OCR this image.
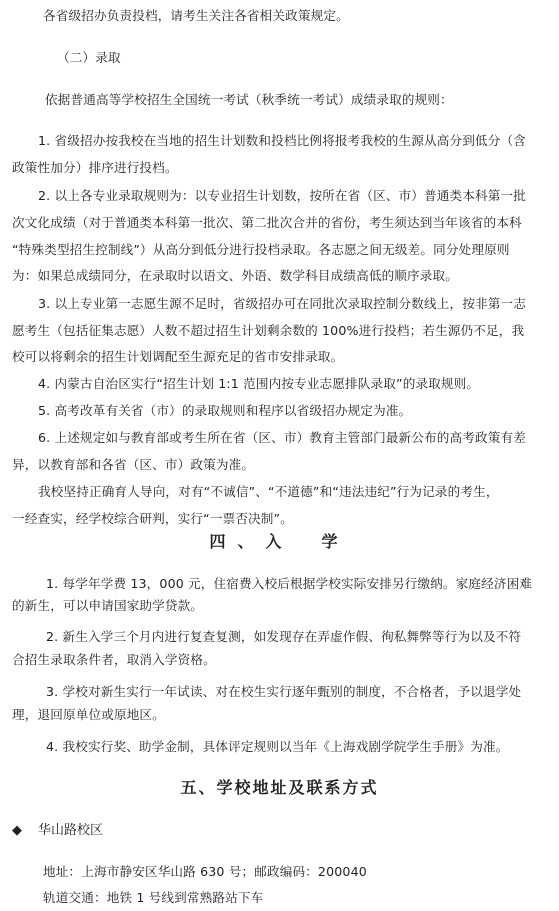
各省级招办负责投档，请考生关注各省相关政策规定。
（二）录取
依据普通高等学校招生全国统一考试（秋季统一考试）成绩录取的规则：
1. 省级招办按我校在当地的招生计划数和投档比例将报考我校的生源从高分到低分（含
政策性加分）排序进行投档。
2. 以上各专业录取规则为：以专业招生计划数，按所在省（区、市）普通类本科第一批
次文化成绩（对于普通类本科第一批次、第二批次合并的省份，考生须达到当年该省的本科
“特殊类型招生控制线”）从高分到低分进行投档录取。各志愿之间无级差。同分处理原则
为：如果总成绩同分，在录取时以语文、外语、数学科目成绩高低的顺序录取。
3. 以上专业第一志愿生源不足时，省级招办可在同批次录取控制分数线上，按非第一志
愿考生（包括征集志愿）人数不超过招生计划剩余数的 100%进行投档；若生源仍不足，我
校可以将剩余的招生计划调配至生源充足的省市安排录取。
4. 内蒙古自治区实行“招生计划 1:1 范围内按专业志愿排队录取”的录取规则。
5. 高考改革有关省（市）的录取规则和程序以省级招办规定为准。
6. 上述规定如与教育部或考生所在省（区、市）教育主管部门最新公布的高考政策有差
异，以教育部和各省（区、市）政策为准。
我校坚持正确育人导向，对有“不诚信”、“不道德”和“违法违纪”行为记录的考生，
一经查实，经学校综合研判，实行“一票否决制”。
四、入　学
1. 每学年学费 13，000 元，住宿费入校后根据学校实际安排另行缴纳。家庭经济困难
的新生，可以申请国家助学贷款。
2. 新生入学三个月内进行复查复测，如发现存在弄虚作假、徇私舞弊等行为以及不符
合招生录取条件者，取消入学资格。
3. 学校对新生实行一年试读、对在校生实行逐年甄别的制度，不合格者，予以退学处
理，退回原单位或原地区。
4. 我校实行奖、助学金制，具体评定规则以当年《上海戏剧学院学生手册》为准。
五、学校地址及联系方式
◆ 华山路校区
地址：上海市静安区华山路 630 号；邮政编码：200040
轨道交通：地铁 1 号线到常熟路站下车
